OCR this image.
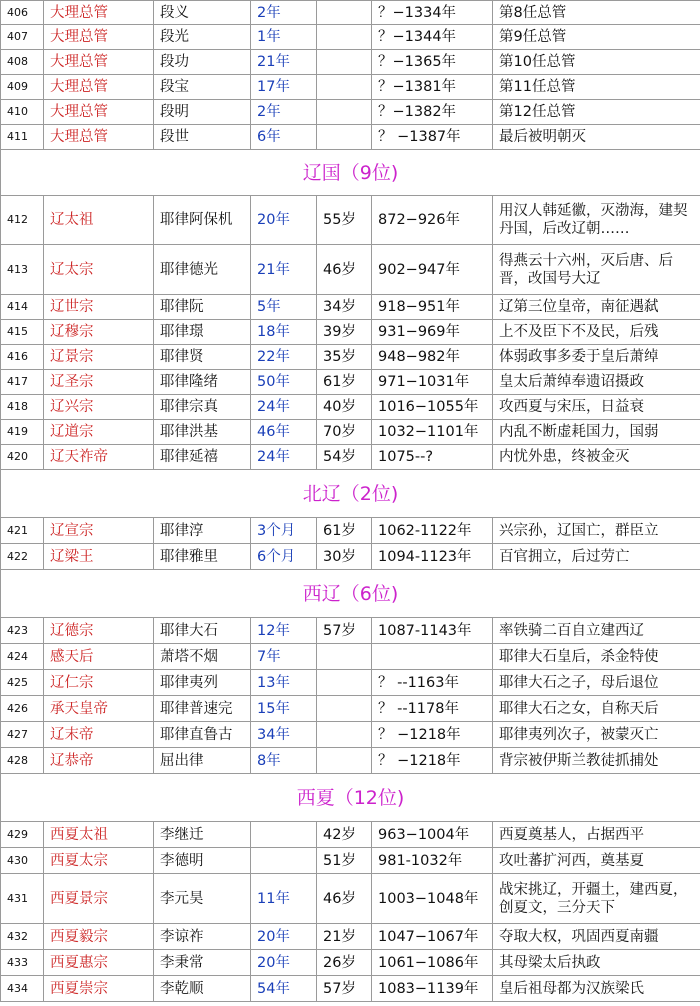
406	大理总管	段义	2年		？−1334年	第8任总管
407	大理总管	段光	1年		？−1344年	第9任总管
408	大理总管	段功	21年		？−1365年	第10任总管
409	大理总管	段宝	17年		？−1381年	第11任总管
410	大理总管	段明	2年		？−1382年	第12任总管
411	大理总管	段世	6年		？ −1387年	最后被明朝灭
辽国（9位)						
412	辽太祖	耶律阿保机	20年	55岁	872−926年	用汉人韩延徽，灭渤海，建契丹国，后改辽朝……
413	辽太宗	耶律德光	21年	46岁	902−947年	得燕云十六州，灭后唐、后晋，改国号大辽
414	辽世宗	耶律阮	5年	34岁	918−951年	辽第三位皇帝，南征遇弑
415	辽穆宗	耶律璟	18年	39岁	931−969年	上不及臣下不及民，后残
416	辽景宗	耶律贤	22年	35岁	948−982年	体弱政事多委于皇后萧绰
417	辽圣宗	耶律隆绪	50年	61岁	971−1031年	皇太后萧绰奉遗诏摄政
418	辽兴宗	耶律宗真	24年	40岁	1016−1055年	攻西夏与宋压，日益衰
419	辽道宗	耶律洪基	46年	70岁	1032−1101年	内乱不断虚耗国力，国弱
420	辽天祚帝	耶律延禧	24年	54岁	1075--?	内忧外患，终被金灭
北辽（2位)						
421	辽宣宗	耶律淳	3个月	61岁	1062-1122年	兴宗孙，辽国亡，群臣立
422	辽梁王	耶律雅里	6个月	30岁	1094-1123年	百官拥立，后过劳亡
西辽（6位)						
423	辽德宗	耶律大石	12年	57岁	1087-1143年	率铁骑二百自立建西辽
424	感天后	萧塔不烟	7年			耶律大石皇后，杀金特使
425	辽仁宗	耶律夷列	13年		？ --1163年	耶律大石之子，母后退位
426	承天皇帝	耶律普速完	15年		？ --1178年	耶律大石之女，自称天后
427	辽末帝	耶律直鲁古	34年		？ −1218年	耶律夷列次子，被蒙灭亡
428	辽恭帝	屈出律	8年		？ −1218年	背宗被伊斯兰教徒抓捕处
西夏（12位)						
429	西夏太祖	李继迁		42岁	963−1004年	西夏奠基人，占据西平
430	西夏太宗	李德明		51岁	981-1032年	攻吐蕃扩河西，奠基夏
431	西夏景宗	李元昊	11年	46岁	1003−1048年	战宋挑辽，开疆土，建西夏，创夏文，三分天下
432	西夏毅宗	李谅祚	20年	21岁	1047−1067年	夺取大权，巩固西夏南疆
433	西夏惠宗	李秉常	20年	26岁	1061−1086年	其母梁太后执政
434	西夏崇宗	李乾顺	54年	57岁	1083−1139年	皇后祖母都为汉族梁氏
